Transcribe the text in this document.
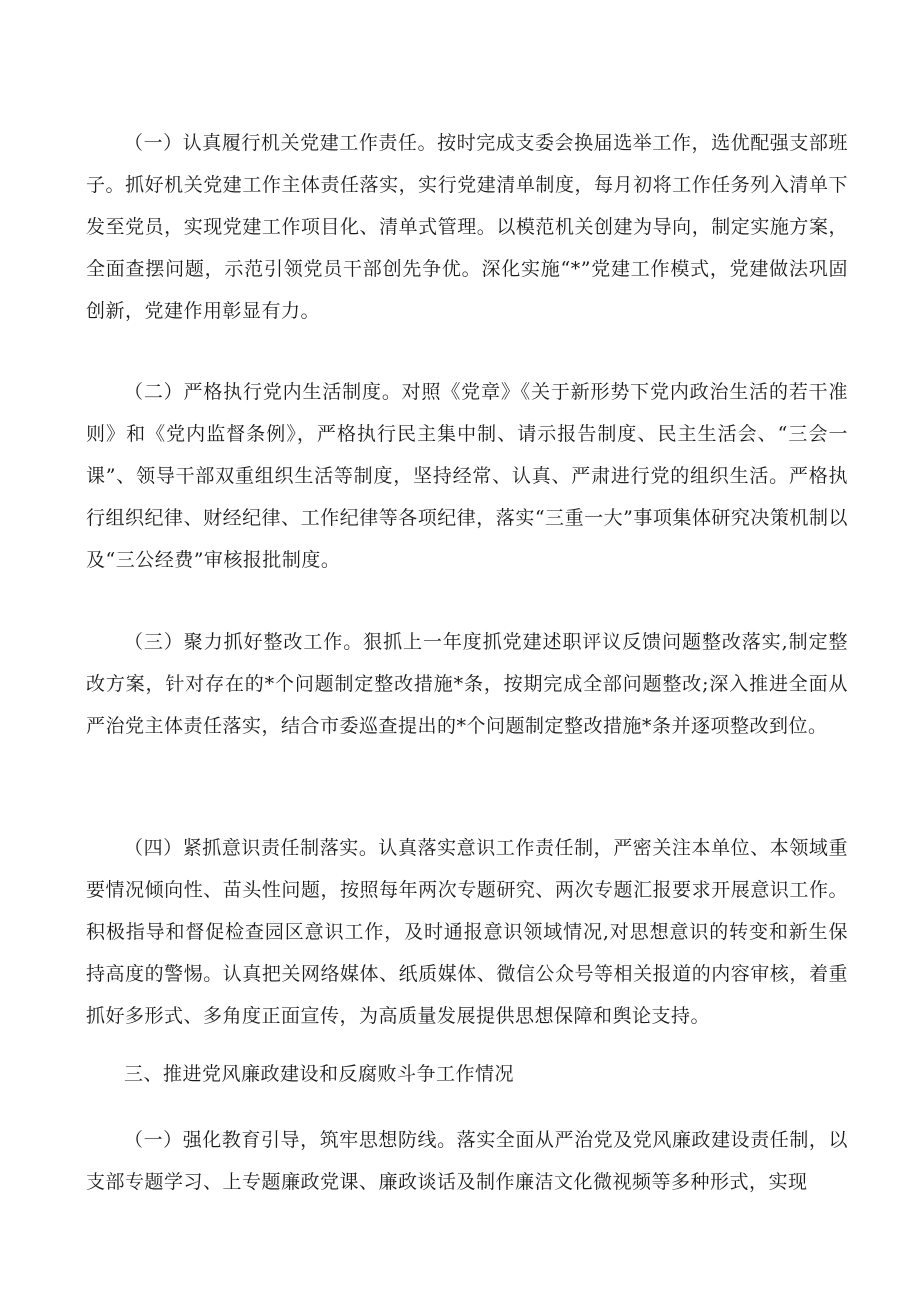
（一）认真履行机关党建工作责任。按时完成支委会换届选举工作，选优配强支部班子。抓好机关党建工作主体责任落实，实行党建清单制度，每月初将工作任务列入清单下发至党员，实现党建工作项目化、清单式管理。以模范机关创建为导向，制定实施方案，全面查摆问题，示范引领党员干部创先争优。深化实施“*”党建工作模式，党建做法巩固创新，党建作用彰显有力。

（二）严格执行党内生活制度。对照《党章》《关于新形势下党内政治生活的若干准则》和《党内监督条例》，严格执行民主集中制、请示报告制度、民主生活会、“三会一课”、领导干部双重组织生活等制度，坚持经常、认真、严肃进行党的组织生活。严格执行组织纪律、财经纪律、工作纪律等各项纪律，落实“三重一大”事项集体研究决策机制以及“三公经费”审核报批制度。

（三）聚力抓好整改工作。狠抓上一年度抓党建述职评议反馈问题整改落实,制定整改方案，针对存在的*个问题制定整改措施*条，按期完成全部问题整改;深入推进全面从严治党主体责任落实，结合市委巡查提出的*个问题制定整改措施*条并逐项整改到位。

（四）紧抓意识责任制落实。认真落实意识工作责任制，严密关注本单位、本领域重要情况倾向性、苗头性问题，按照每年两次专题研究、两次专题汇报要求开展意识工作。积极指导和督促检查园区意识工作，及时通报意识领域情况,对思想意识的转变和新生保持高度的警惕。认真把关网络媒体、纸质媒体、微信公众号等相关报道的内容审核，着重抓好多形式、多角度正面宣传，为高质量发展提供思想保障和舆论支持。

三、推进党风廉政建设和反腐败斗争工作情况

（一）强化教育引导，筑牢思想防线。落实全面从严治党及党风廉政建设责任制，以支部专题学习、上专题廉政党课、廉政谈话及制作廉洁文化微视频等多种形式，实现
